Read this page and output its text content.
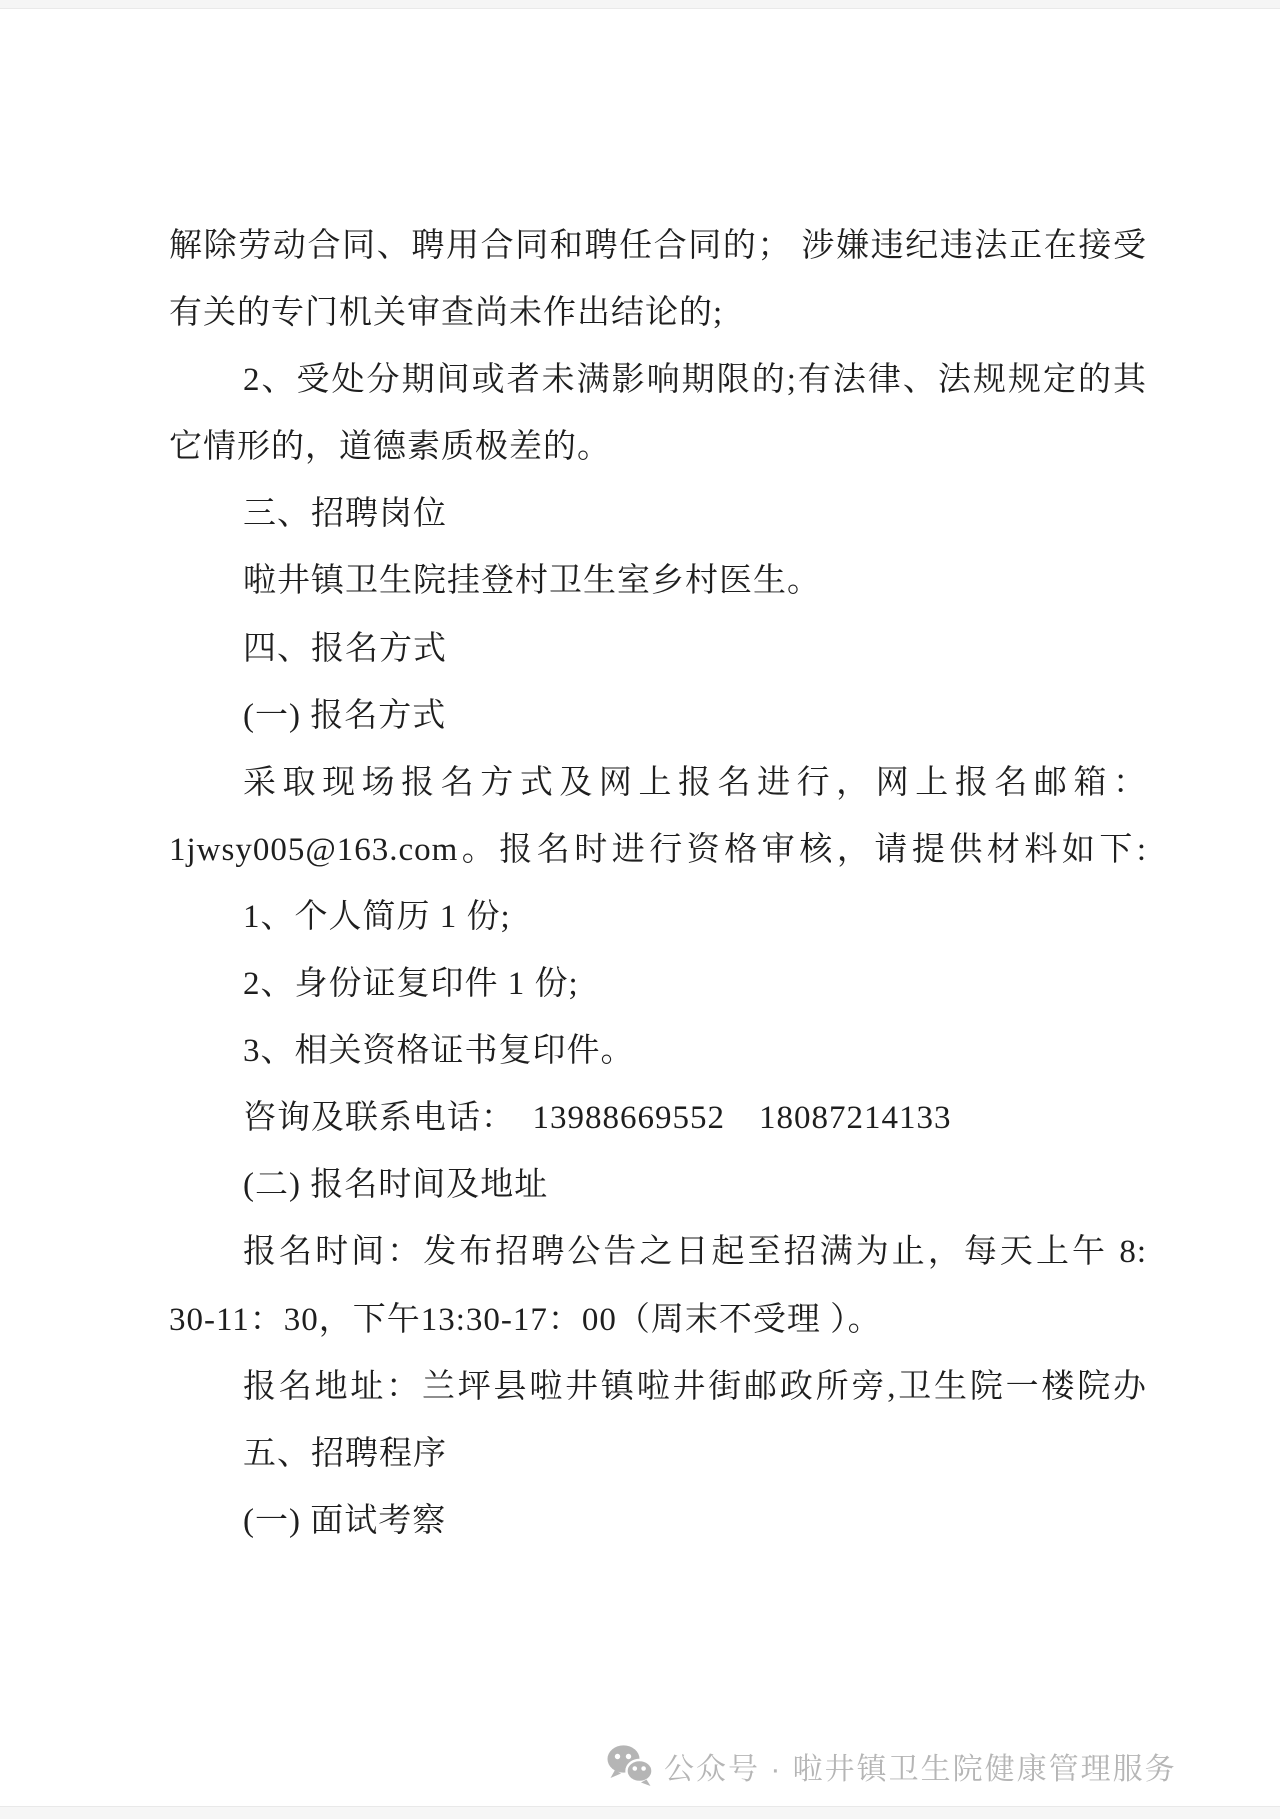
解除劳动合同、聘用合同和聘任合同的； 涉嫌违纪违法正在接受
有关的专门机关审查尚未作出结论的;
2、受处分期间或者未满影响期限的;有法律、法规规定的其
它情形的，道德素质极差的。
三、招聘岗位
啦井镇卫生院挂登村卫生室乡村医生。
四、报名方式
(一) 报名方式
采取现场报名方式及网上报名进行，网上报名邮箱：
1jwsy005@163.com。报名时进行资格审核，请提供材料如下:
1、个人简历 1 份;
2、身份证复印件 1 份;
3、相关资格证书复印件。
咨询及联系电话：　13988669552　18087214133
(二) 报名时间及地址
报名时间：发布招聘公告之日起至招满为止，每天上午 8:
30-11：30，下午13:30-17：00（周末不受理 ）。
报名地址：兰坪县啦井镇啦井街邮政所旁,卫生院一楼院办
五、招聘程序
(一) 面试考察
公众号 · 啦井镇卫生院健康管理服务
